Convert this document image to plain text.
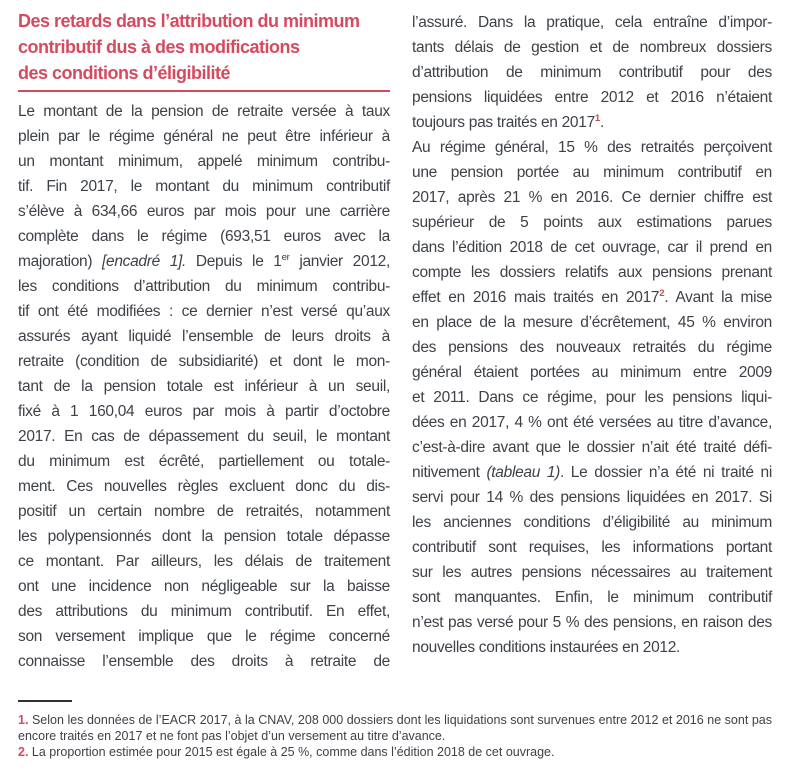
Des retards dans l’attribution du minimum
contributif dus à des modifications
des conditions d’éligibilité
Le montant de la pension de retraite versée à taux
plein par le régime général ne peut être inférieur à
un montant minimum, appelé minimum contribu-
tif. Fin 2017, le montant du minimum contributif
s’élève à 634,66 euros par mois pour une carrière
complète dans le régime (693,51 euros avec la
majoration) [encadré 1]. Depuis le 1er janvier 2012,
les conditions d’attribution du minimum contribu-
tif ont été modifiées : ce dernier n’est versé qu’aux
assurés ayant liquidé l’ensemble de leurs droits à
retraite (condition de subsidiarité) et dont le mon-
tant de la pension totale est inférieur à un seuil,
fixé à 1 160,04 euros par mois à partir d’octobre
2017. En cas de dépassement du seuil, le montant
du minimum est écrêté, partiellement ou totale-
ment. Ces nouvelles règles excluent donc du dis-
positif un certain nombre de retraités, notamment
les polypensionnés dont la pension totale dépasse
ce montant. Par ailleurs, les délais de traitement
ont une incidence non négligeable sur la baisse
des attributions du minimum contributif. En effet,
son versement implique que le régime concerné
connaisse l’ensemble des droits à retraite de
l’assuré. Dans la pratique, cela entraîne d’impor-
tants délais de gestion et de nombreux dossiers
d’attribution de minimum contributif pour des
pensions liquidées entre 2012 et 2016 n’étaient
toujours pas traités en 2017$^1$.
Au régime général, 15 % des retraités perçoivent
une pension portée au minimum contributif en
2017, après 21 % en 2016. Ce dernier chiffre est
supérieur de 5 points aux estimations parues
dans l’édition 2018 de cet ouvrage, car il prend en
compte les dossiers relatifs aux pensions prenant
effet en 2016 mais traités en 2017$^2$. Avant la mise
en place de la mesure d’écrêtement, 45 % environ
des pensions des nouveaux retraités du régime
général étaient portées au minimum entre 2009
et 2011. Dans ce régime, pour les pensions liqui-
dées en 2017, 4 % ont été versées au titre d’avance,
c’est-à-dire avant que le dossier n’ait été traité défi-
nitivement (tableau 1). Le dossier n’a été ni traité ni
servi pour 14 % des pensions liquidées en 2017. Si
les anciennes conditions d’éligibilité au minimum
contributif sont requises, les informations portant
sur les autres pensions nécessaires au traitement
sont manquantes. Enfin, le minimum contributif
n’est pas versé pour 5 % des pensions, en raison des
nouvelles conditions instaurées en 2012.
1. Selon les données de l’EACR 2017, à la CNAV, 208 000 dossiers dont les liquidations sont survenues entre 2012 et 2016 ne sont pas
encore traités en 2017 et ne font pas l’objet d’un versement au titre d’avance.
2. La proportion estimée pour 2015 est égale à 25 %, comme dans l’édition 2018 de cet ouvrage.
